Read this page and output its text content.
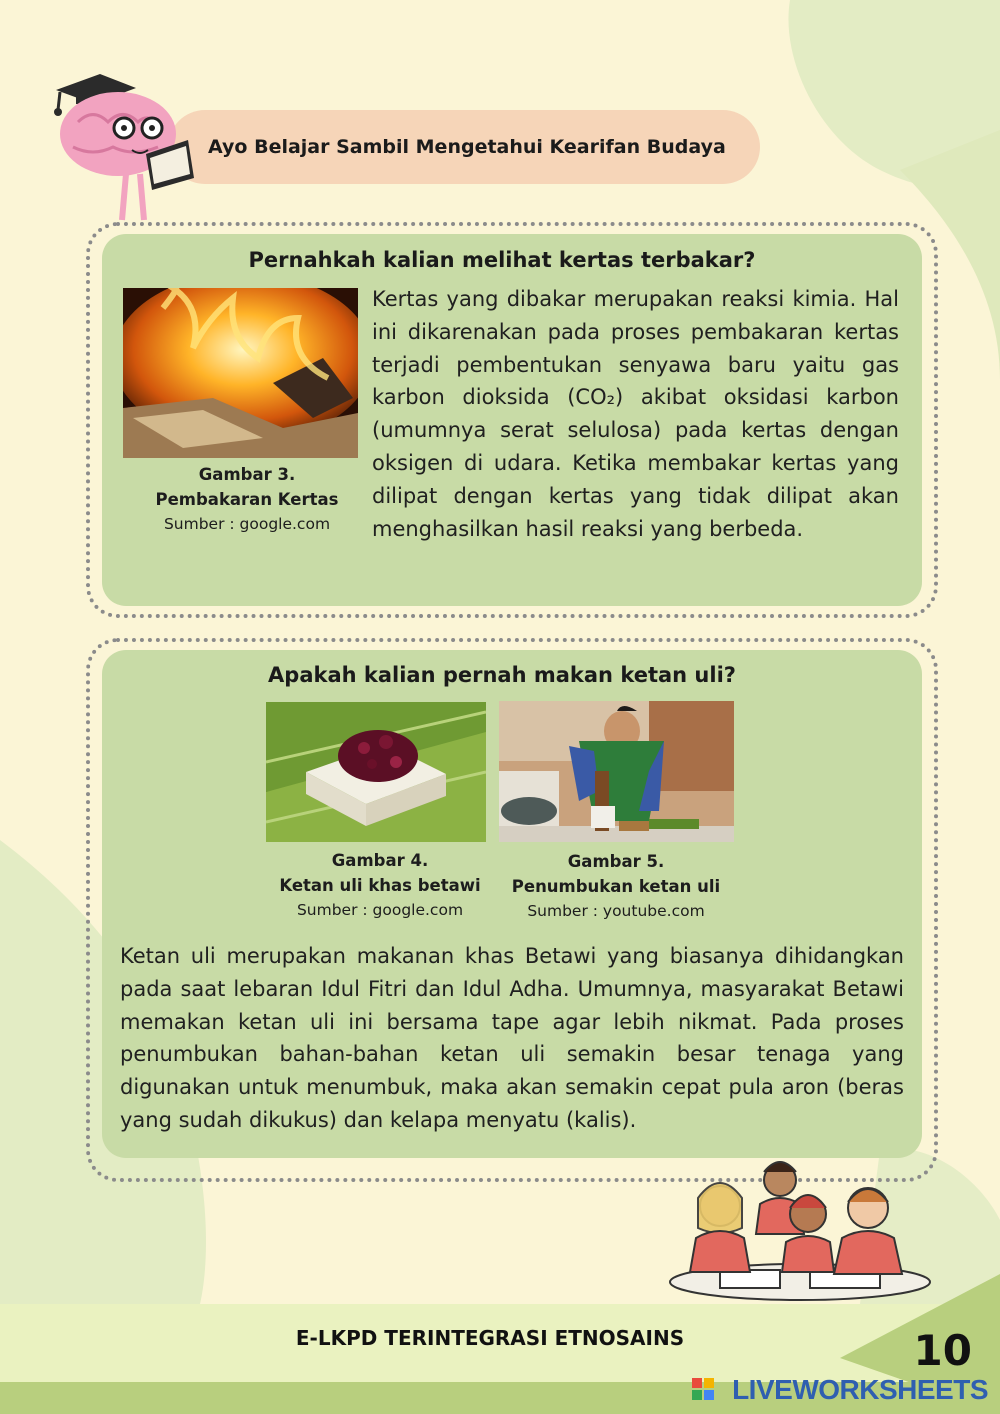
Ayo Belajar Sambil Mengetahui Kearifan Budaya
Pernahkah kalian melihat kertas terbakar?
Gambar 3.
Pembakaran Kertas
Sumber : google.com
Kertas yang dibakar merupakan reaksi kimia. Hal ini dikarenakan pada proses pembakaran kertas terjadi pembentukan senyawa baru yaitu gas karbon dioksida (CO₂) akibat oksidasi karbon (umumnya serat selulosa) pada kertas dengan oksigen di udara. Ketika membakar kertas yang dilipat dengan kertas yang tidak dilipat akan menghasilkan hasil reaksi yang berbeda.
Apakah kalian pernah makan ketan uli?
Gambar 4.
Ketan uli khas betawi
Sumber : google.com
Gambar 5.
Penumbukan ketan uli
Sumber : youtube.com
Ketan uli merupakan makanan khas Betawi yang biasanya dihidangkan pada saat lebaran Idul Fitri dan Idul Adha. Umumnya, masyarakat Betawi memakan ketan uli ini bersama tape agar lebih nikmat. Pada proses penumbukan bahan-bahan ketan uli semakin besar tenaga yang digunakan untuk menumbuk, maka akan semakin cepat pula aron (beras yang sudah dikukus) dan kelapa menyatu (kalis).
E-LKPD TERINTEGRASI ETNOSAINS	10
LIVEWORKSHEETS
